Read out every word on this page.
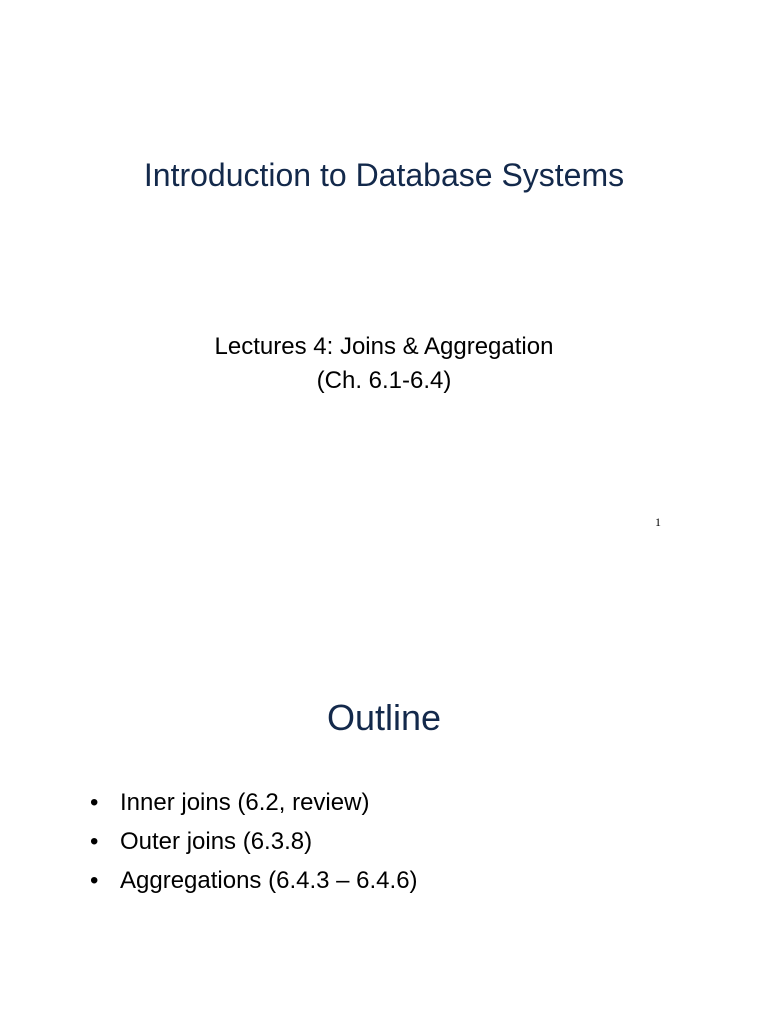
Introduction to Database Systems
Lectures 4: Joins & Aggregation
(Ch. 6.1-6.4)
1
Outline
• Inner joins (6.2, review)
• Outer joins (6.3.8)
• Aggregations (6.4.3 – 6.4.6)
